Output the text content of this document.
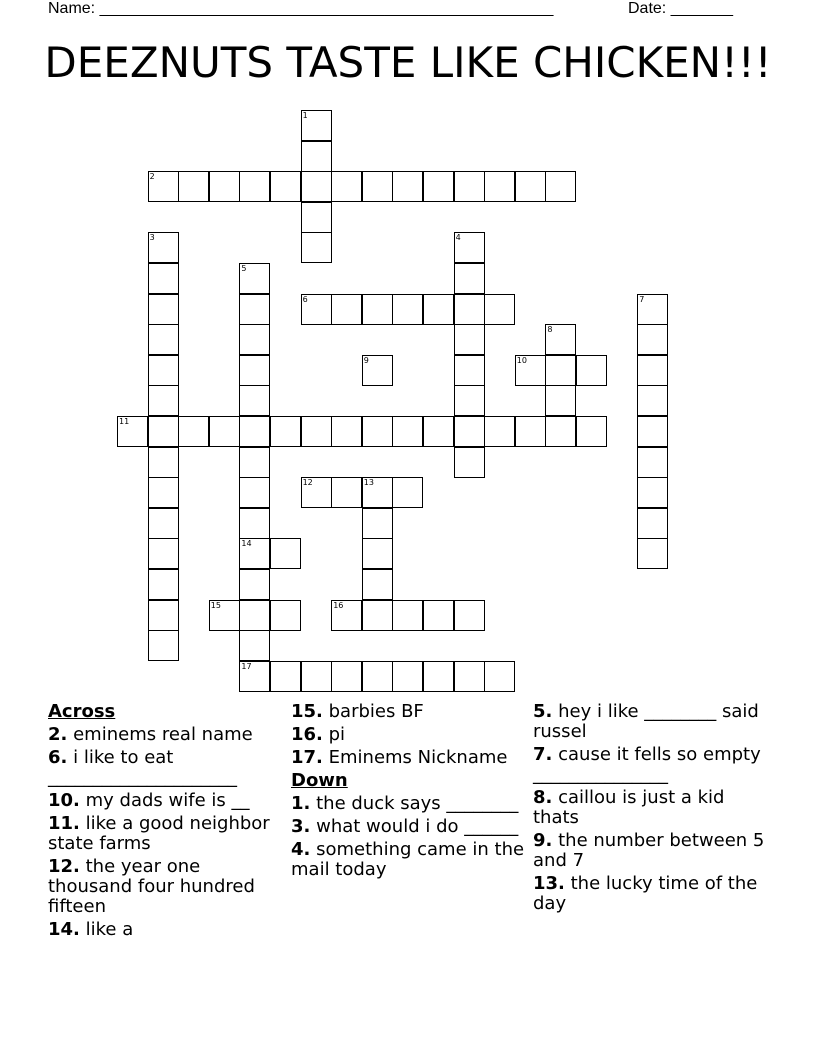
Name: ___________________________________________________	Date: _______
DEEZNUTS TASTE LIKE CHICKEN!!!
1
2
3	4
5
14
17
6	7
8
9	10
11
12	13
15	16
Across
2. eminems real name
6. i like to eat _____________________
10. my dads wife is __
11. like a good neighbor state farms
12. the year one thousand four hundred fifteen
14. like a
15. barbies BF
16. pi
17. Eminems Nickname
Down
1. the duck says ________
3. what would i do ______
4. something came in the mail today
5. hey i like ________ said russel
7. cause it fells so empty _______________
8. caillou is just a kid thats
9. the number between 5 and 7
13. the lucky time of the day
